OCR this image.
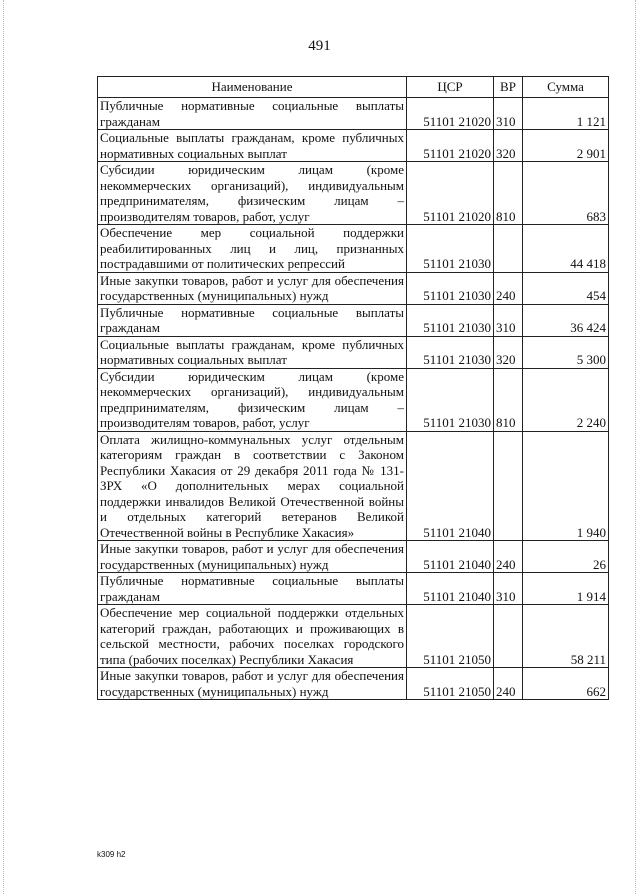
491
Наименование	ЦСР	ВР	Сумма
Публичные нормативные социальные выплаты гражданам	51101 21020	310	1 121
Социальные выплаты гражданам, кроме публичных нормативных социальных выплат	51101 21020	320	2 901
Субсидии юридическим лицам (кроме некоммерческих организаций), индивидуальным предпринимателям, физическим лицам – производителям товаров, работ, услуг	51101 21020	810	683
Обеспечение мер социальной поддержки реабилитированных лиц и лиц, признанных пострадавшими от политических репрессий	51101 21030		44 418
Иные закупки товаров, работ и услуг для обеспечения государственных (муниципальных) нужд	51101 21030	240	454
Публичные нормативные социальные выплаты гражданам	51101 21030	310	36 424
Социальные выплаты гражданам, кроме публичных нормативных социальных выплат	51101 21030	320	5 300
Субсидии юридическим лицам (кроме некоммерческих организаций), индивидуальным предпринимателям, физическим лицам – производителям товаров, работ, услуг	51101 21030	810	2 240
Оплата жилищно-коммунальных услуг отдельным категориям граждан в соответствии с Законом Республики Хакасия от 29 декабря 2011 года № 131-ЗРХ «О дополнительных мерах социальной поддержки инвалидов Великой Отечественной войны и отдельных категорий ветеранов Великой Отечественной войны в Республике Хакасия»	51101 21040		1 940
Иные закупки товаров, работ и услуг для обеспечения государственных (муниципальных) нужд	51101 21040	240	26
Публичные нормативные социальные выплаты гражданам	51101 21040	310	1 914
Обеспечение мер социальной поддержки отдельных категорий граждан, работающих и проживающих в сельской местности, рабочих поселках городского типа (рабочих поселках) Республики Хакасия	51101 21050		58 211
Иные закупки товаров, работ и услуг для обеспечения государственных (муниципальных) нужд	51101 21050	240	662
k309 h2
